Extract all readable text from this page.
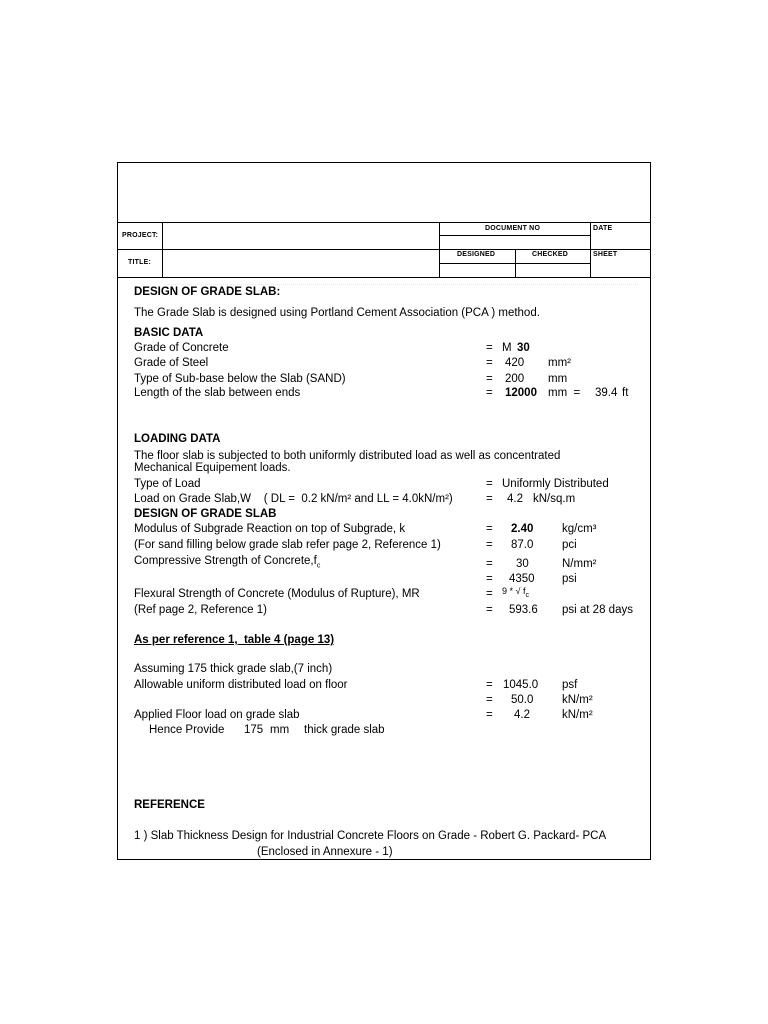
PROJECT:
TITLE:
DOCUMENT NO	DATE
DESIGNED	CHECKED	SHEET
DESIGN OF GRADE SLAB:
The Grade Slab is designed using Portland Cement Association (PCA ) method.
BASIC DATA
Grade of Concrete	= M 30
Grade of Steel	= 420 mm²
Type of Sub-base below the Slab (SAND)	= 200 mm
Length of the slab between ends	= 12000 mm  = 39.4 ft
LOADING DATA
The floor slab is subjected to both uniformly distributed load as well as concentrated
Mechanical Equipement loads.
Type of Load	= Uniformly Distributed
Load on Grade Slab,W    ( DL =  0.2 kN/m² and LL = 4.0kN/m²)	= 4.2 kN/sq.m
DESIGN OF GRADE SLAB
Modulus of Subgrade Reaction on top of Subgrade, k	= 2.40 kg/cm³
(For sand filling below grade slab refer page 2, Reference 1)	= 87.0 pci
Compressive Strength of $Concrete,f_c$	= 30	N/mm²
= 4350 psi
Flexural Strength of Concrete (Modulus of Rupture), MR	= 9 * √ $f_c$
(Ref page 2, Reference 1)	= 593.6 psi at 28 days
As per reference 1,  table 4 (page 13)
Assuming 175 thick grade slab,(7 inch)
Allowable uniform distributed load on floor	= 1045.0 psf
= 50.0 kN/m²
Applied Floor load on grade slab	= 4.2	kN/m²
Hence Provide 175 mm thick grade slab
REFERENCE
1 ) Slab Thickness Design for Industrial Concrete Floors on Grade - Robert G. Packard- PCA
(Enclosed in Annexure - 1)
